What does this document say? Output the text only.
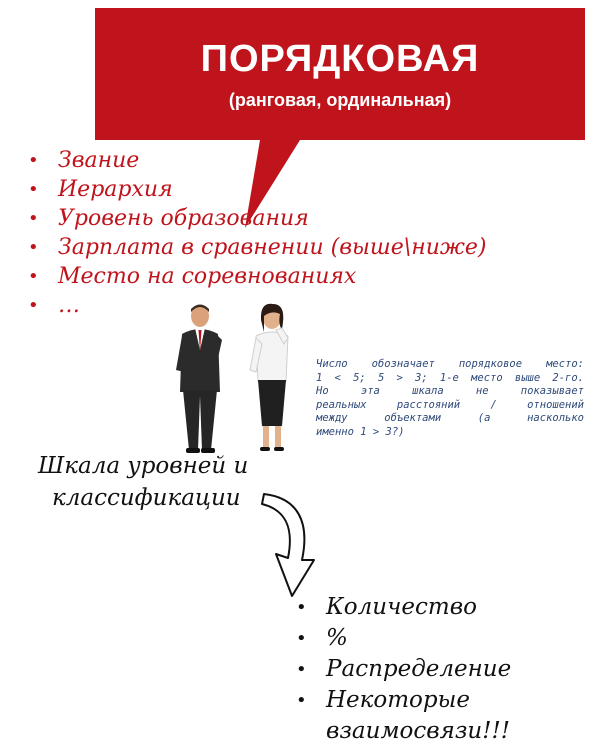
ПОРЯДКОВАЯ
(ранговая, ординальная)
• Звание
• Иерархия
• Уровень образования
• Зарплата в сравнении (выше\ниже)
• Место на соревнованиях
• …
Число обозначает порядковое место:
1 < 5; 5 > 3; 1-е место выше 2-го.
Но эта шкала не показывает
реальных расстояний / отношений
между объектами (а насколько
именно 1 > 3?)
Шкала уровней и
классификации
• Количество
• %
• Распределение
• Некоторые
взаимосвязи!!!
